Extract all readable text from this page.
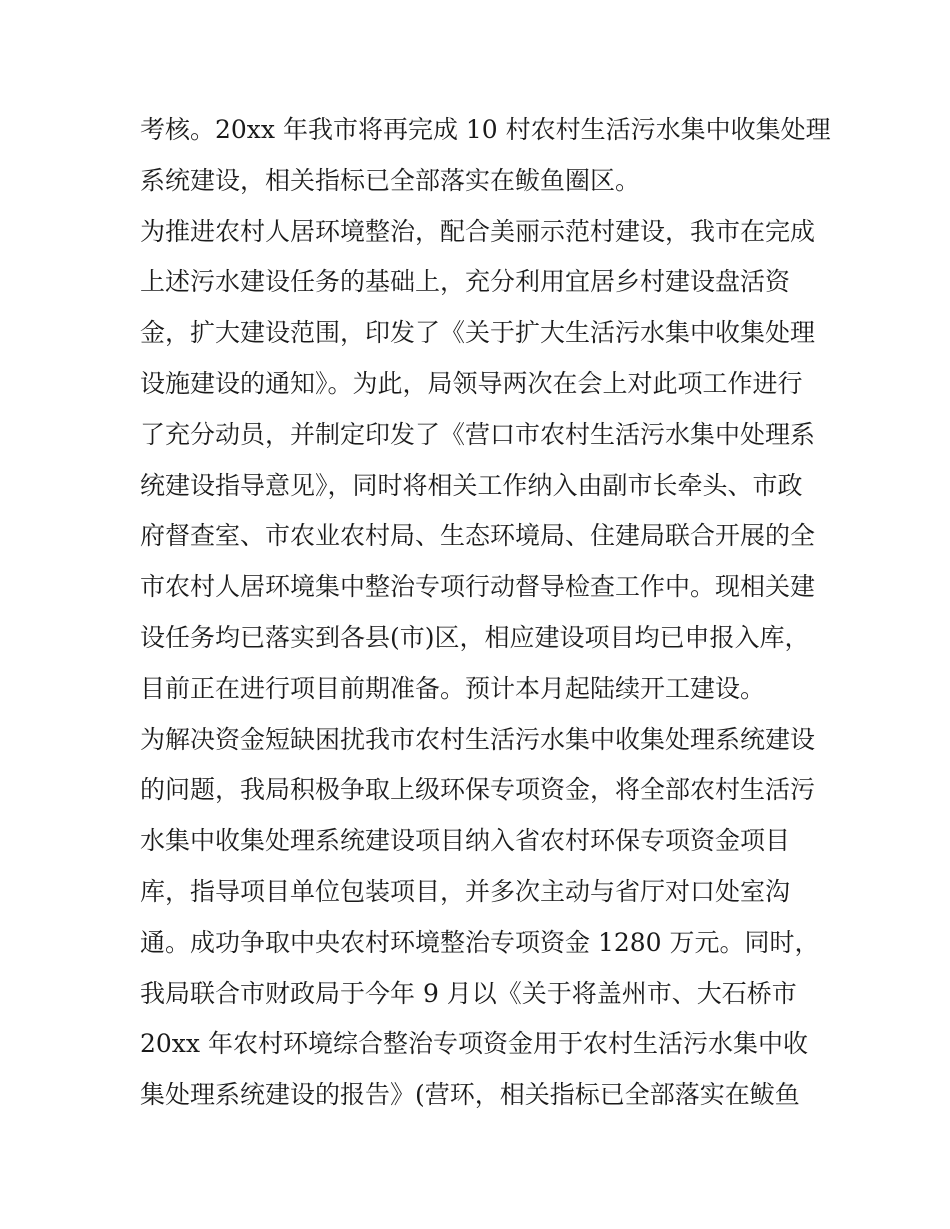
考核。20xx 年我市将再完成 10 村农村生活污水集中收集处理
系统建设，相关指标已全部落实在鲅鱼圈区。
为推进农村人居环境整治，配合美丽示范村建设，我市在完成
上述污水建设任务的基础上，充分利用宜居乡村建设盘活资
金，扩大建设范围，印发了《关于扩大生活污水集中收集处理
设施建设的通知》。为此，局领导两次在会上对此项工作进行
了充分动员，并制定印发了《营口市农村生活污水集中处理系
统建设指导意见》，同时将相关工作纳入由副市长牵头、市政
府督查室、市农业农村局、生态环境局、住建局联合开展的全
市农村人居环境集中整治专项行动督导检查工作中。现相关建
设任务均已落实到各县(市)区，相应建设项目均已申报入库，
目前正在进行项目前期准备。预计本月起陆续开工建设。
为解决资金短缺困扰我市农村生活污水集中收集处理系统建设
的问题，我局积极争取上级环保专项资金，将全部农村生活污
水集中收集处理系统建设项目纳入省农村环保专项资金项目
库，指导项目单位包装项目，并多次主动与省厅对口处室沟
通。成功争取中央农村环境整治专项资金 1280 万元。同时，
我局联合市财政局于今年 9 月以《关于将盖州市、大石桥市
20xx 年农村环境综合整治专项资金用于农村生活污水集中收
集处理系统建设的报告》(营环，相关指标已全部落实在鲅鱼
